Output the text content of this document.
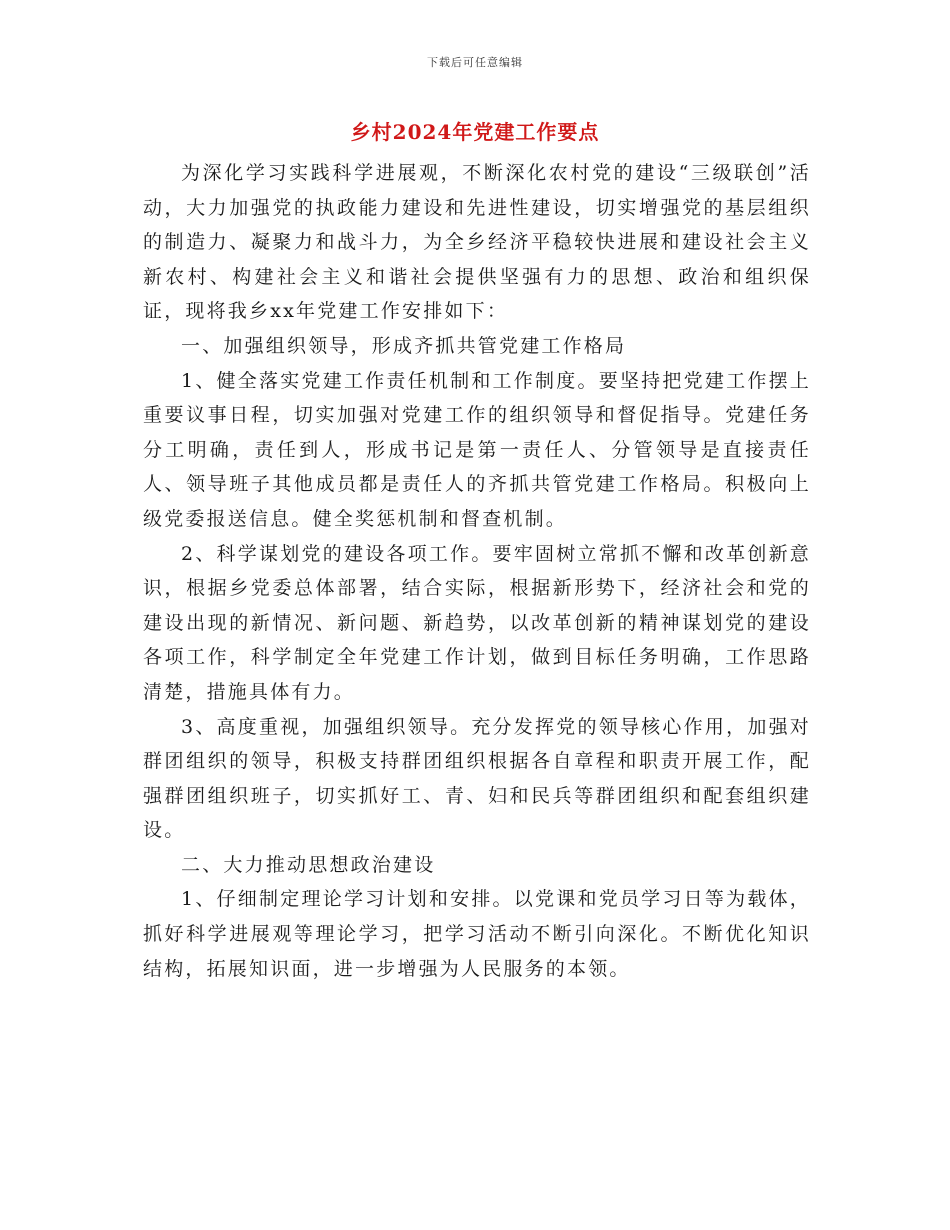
下载后可任意编辑
乡村2024年党建工作要点

为深化学习实践科学进展观，不断深化农村党的建设“三级联创”活动，大力加强党的执政能力建设和先进性建设，切实增强党的基层组织的制造力、凝聚力和战斗力，为全乡经济平稳较快进展和建设社会主义新农村、构建社会主义和谐社会提供坚强有力的思想、政治和组织保证，现将我乡xx年党建工作安排如下：

一、加强组织领导，形成齐抓共管党建工作格局

1、健全落实党建工作责任机制和工作制度。要坚持把党建工作摆上重要议事日程，切实加强对党建工作的组织领导和督促指导。党建任务分工明确，责任到人，形成书记是第一责任人、分管领导是直接责任人、领导班子其他成员都是责任人的齐抓共管党建工作格局。积极向上级党委报送信息。健全奖惩机制和督查机制。

2、科学谋划党的建设各项工作。要牢固树立常抓不懈和改革创新意识，根据乡党委总体部署，结合实际，根据新形势下，经济社会和党的建设出现的新情况、新问题、新趋势，以改革创新的精神谋划党的建设各项工作，科学制定全年党建工作计划，做到目标任务明确，工作思路清楚，措施具体有力。

3、高度重视，加强组织领导。充分发挥党的领导核心作用，加强对群团组织的领导，积极支持群团组织根据各自章程和职责开展工作，配强群团组织班子，切实抓好工、青、妇和民兵等群团组织和配套组织建设。

二、大力推动思想政治建设

1、仔细制定理论学习计划和安排。以党课和党员学习日等为载体，抓好科学进展观等理论学习，把学习活动不断引向深化。不断优化知识结构，拓展知识面，进一步增强为人民服务的本领。
